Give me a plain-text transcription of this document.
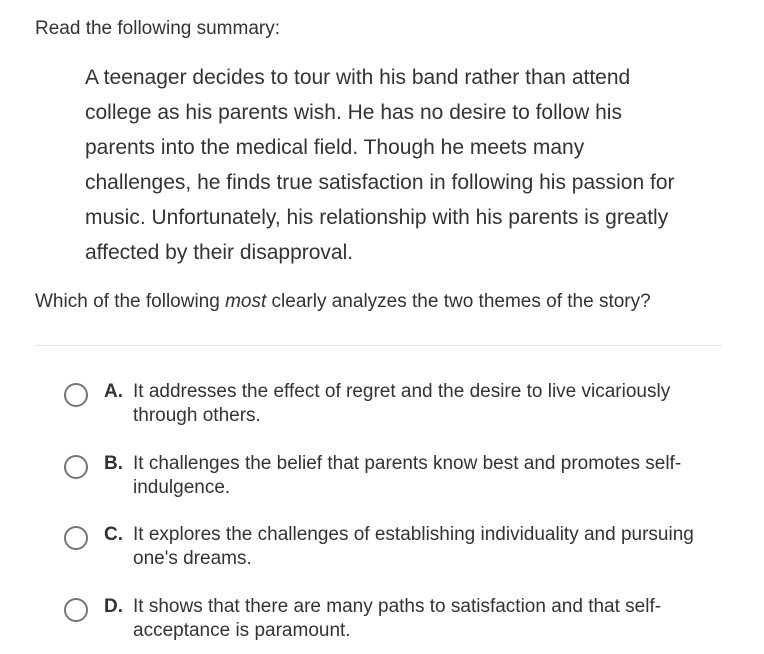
Read the following summary:
A teenager decides to tour with his band rather than attend college as his parents wish. He has no desire to follow his parents into the medical field. Though he meets many challenges, he finds true satisfaction in following his passion for music. Unfortunately, his relationship with his parents is greatly affected by their disapproval.
Which of the following most clearly analyzes the two themes of the story?
A. It addresses the effect of regret and the desire to live vicariously through others.
B. It challenges the belief that parents know best and promotes self-indulgence.
C. It explores the challenges of establishing individuality and pursuing one's dreams.
D. It shows that there are many paths to satisfaction and that self-acceptance is paramount.
